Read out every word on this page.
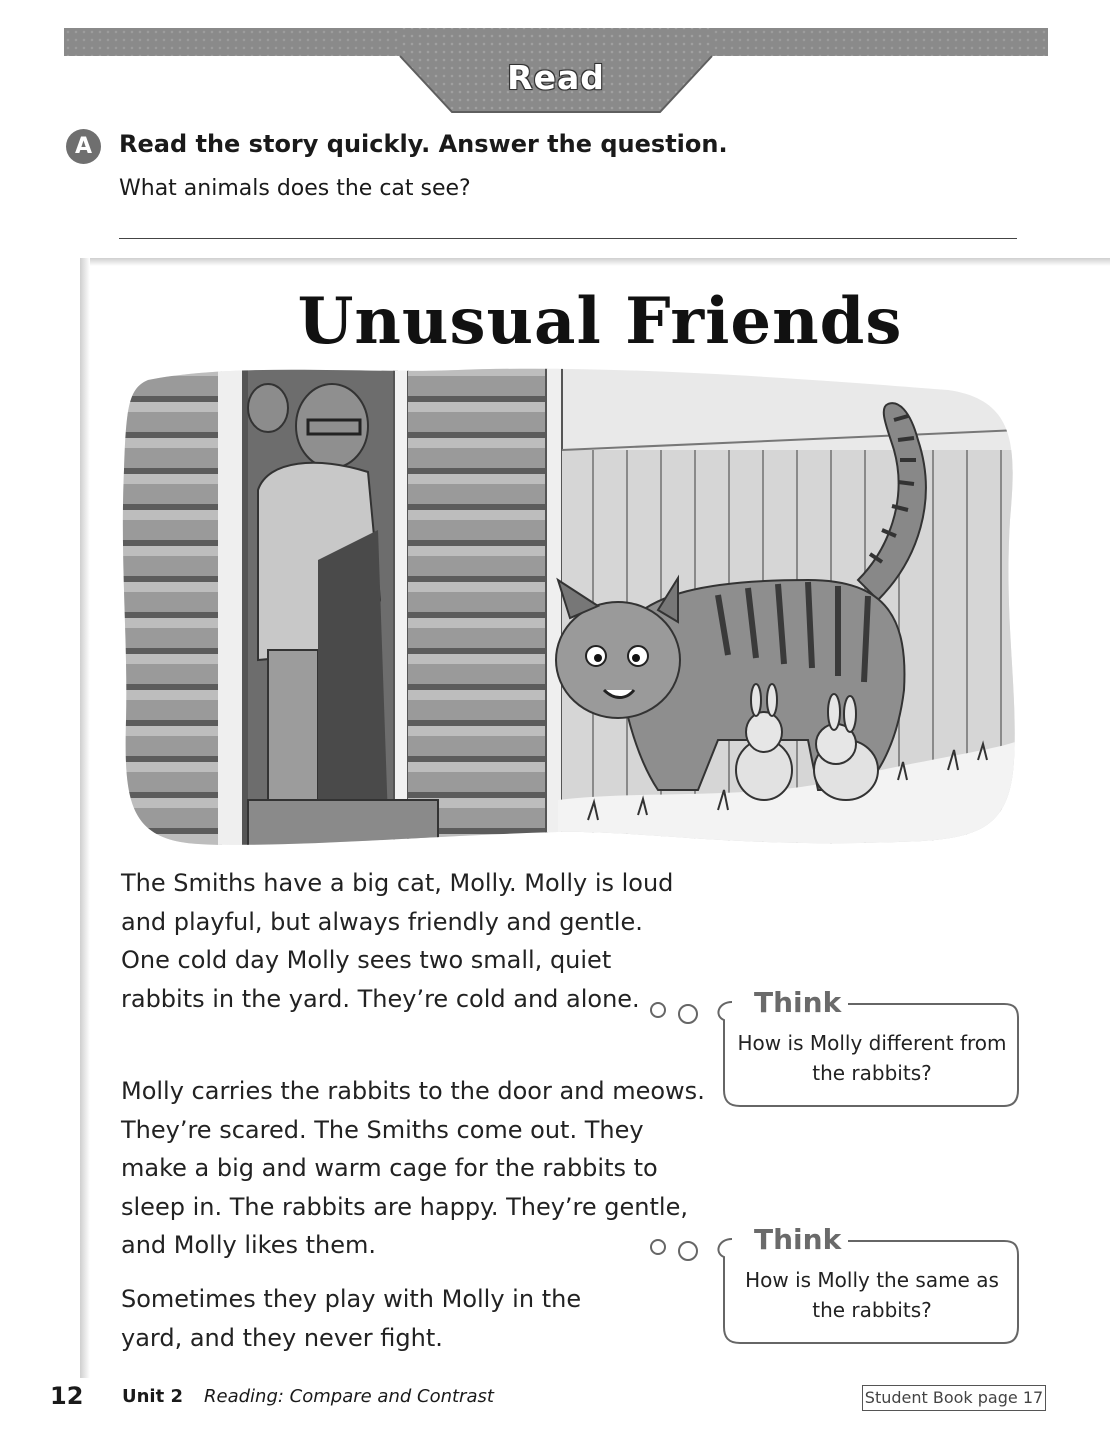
Read
A	Read the story quickly. Answer the question.
What animals does the cat see?
Unusual Friends

The Smiths have a big cat, Molly. Molly is loud and playful, but always friendly and gentle. One cold day Molly sees two small, quiet rabbits in the yard. They’re cold and alone.

Molly carries the rabbits to the door and meows. They’re scared. The Smiths come out. They make a big and warm cage for the rabbits to sleep in. The rabbits are happy. They’re gentle, and Molly likes them.

Sometimes they play with Molly in the yard, and they never fight.

Think
How is Molly different from the rabbits?
Think
How is Molly the same as the rabbits?
12 Unit 2 Reading: Compare and Contrast	Student Book page 17
